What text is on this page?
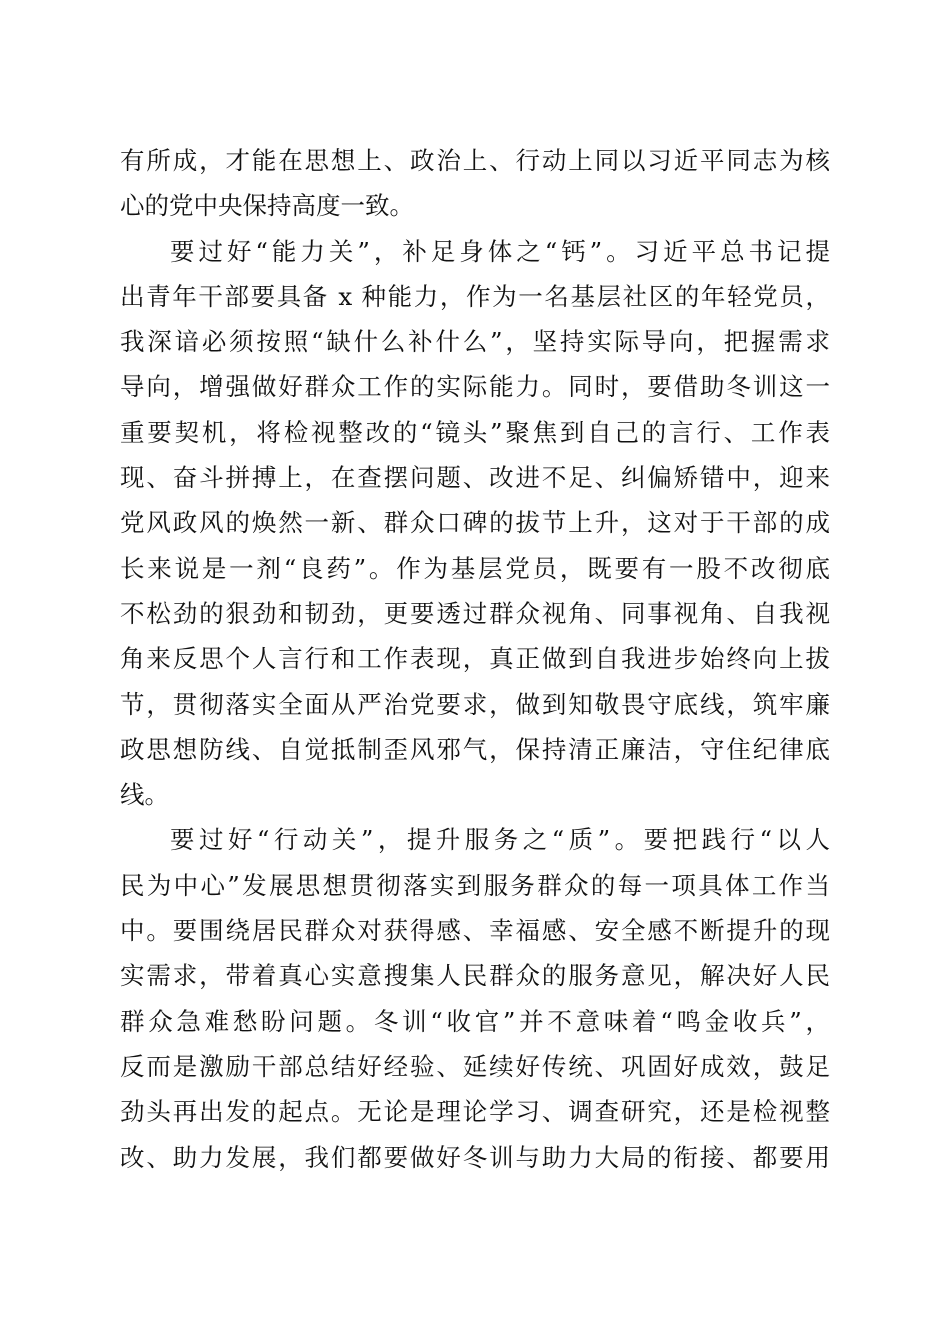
有所成，才能在思想上、政治上、行动上同以习近平同志为核
心的党中央保持高度一致。
要过好“能力关”，补足身体之“钙”。习近平总书记提
出青年干部要具备 x 种能力，作为一名基层社区的年轻党员，
我深谙必须按照“缺什么补什么”，坚持实际导向，把握需求
导向，增强做好群众工作的实际能力。同时，要借助冬训这一
重要契机，将检视整改的“镜头”聚焦到自己的言行、工作表
现、奋斗拼搏上，在查摆问题、改进不足、纠偏矫错中，迎来
党风政风的焕然一新、群众口碑的拔节上升，这对于干部的成
长来说是一剂“良药”。作为基层党员，既要有一股不改彻底
不松劲的狠劲和韧劲，更要透过群众视角、同事视角、自我视
角来反思个人言行和工作表现，真正做到自我进步始终向上拔
节，贯彻落实全面从严治党要求，做到知敬畏守底线，筑牢廉
政思想防线、自觉抵制歪风邪气，保持清正廉洁，守住纪律底
线。
要过好“行动关”，提升服务之“质”。要把践行“以人
民为中心”发展思想贯彻落实到服务群众的每一项具体工作当
中。要围绕居民群众对获得感、幸福感、安全感不断提升的现
实需求，带着真心实意搜集人民群众的服务意见，解决好人民
群众急难愁盼问题。冬训“收官”并不意味着“鸣金收兵”，
反而是激励干部总结好经验、延续好传统、巩固好成效，鼓足
劲头再出发的起点。无论是理论学习、调查研究，还是检视整
改、助力发展，我们都要做好冬训与助力大局的衔接、都要用
